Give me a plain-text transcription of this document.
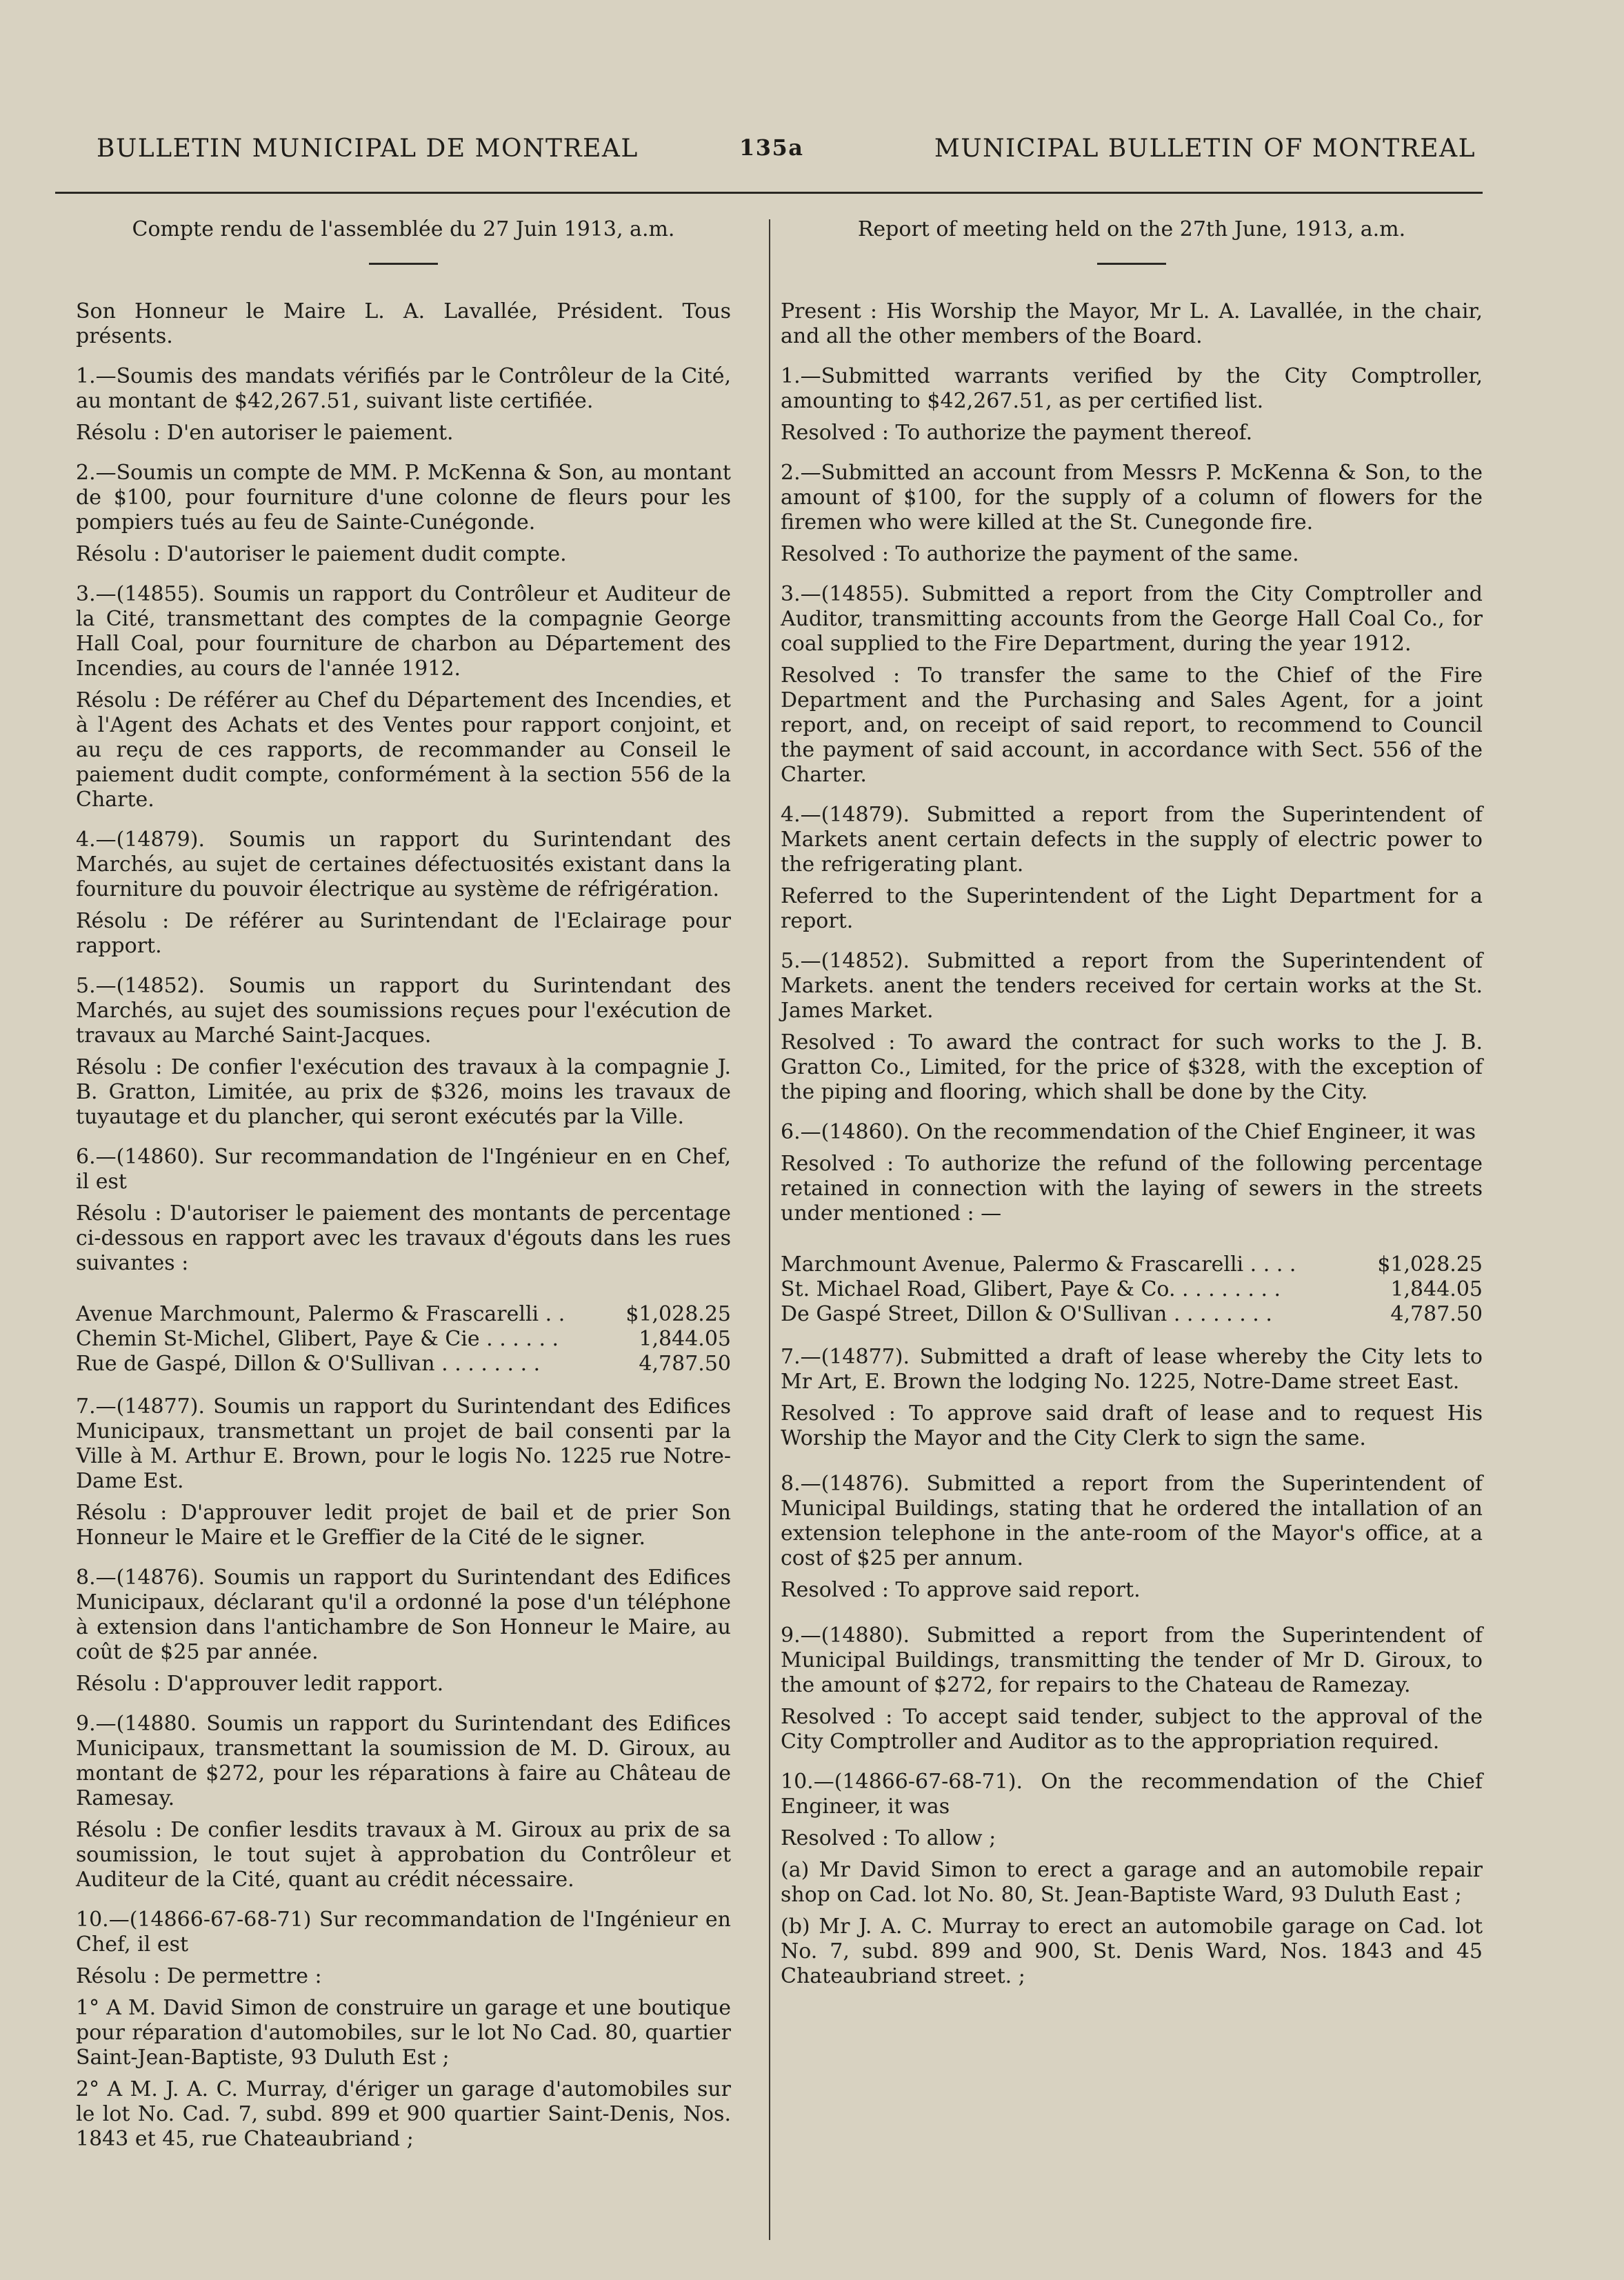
BULLETIN MUNICIPAL DE MONTREAL	135a	MUNICIPAL BULLETIN OF MONTREAL

Compte rendu de l'assemblée du 27 Juin 1913, a.m.

Son Honneur le Maire L. A. Lavallée, Président. Tous présents.

1.—Soumis des mandats vérifiés par le Contrôleur de la Cité, au montant de $42,267.51, suivant liste certifiée.

Résolu : D'en autoriser le paiement.

2.—Soumis un compte de MM. P. McKenna & Son, au montant de $100, pour fourniture d'une colonne de fleurs pour les pompiers tués au feu de Sainte-Cunégonde.

Résolu : D'autoriser le paiement dudit compte.

3.—(14855). Soumis un rapport du Contrôleur et Auditeur de la Cité, transmettant des comptes de la compagnie George Hall Coal, pour fourniture de charbon au Département des Incendies, au cours de l'année 1912.

Résolu : De référer au Chef du Département des Incendies, et à l'Agent des Achats et des Ventes pour rapport conjoint, et au reçu de ces rapports, de recommander au Conseil le paiement dudit compte, conformément à la section 556 de la Charte.

4.—(14879). Soumis un rapport du Surintendant des Marchés, au sujet de certaines défectuosités existant dans la fourniture du pouvoir électrique au système de réfrigération.

Résolu : De référer au Surintendant de l'Eclairage pour rapport.

5.—(14852). Soumis un rapport du Surintendant des Marchés, au sujet des soumissions reçues pour l'exécution de travaux au Marché Saint-Jacques.

Résolu : De confier l'exécution des travaux à la compagnie J. B. Gratton, Limitée, au prix de $326, moins les travaux de tuyautage et du plancher, qui seront exécutés par la Ville.

6.—(14860). Sur recommandation de l'Ingénieur en en Chef, il est

Résolu : D'autoriser le paiement des montants de percentage ci-dessous en rapport avec les travaux d'égouts dans les rues suivantes :

Avenue Marchmount, Palermo & Frascarelli . .	$1,028.25
Chemin St-Michel, Glibert, Paye & Cie . . . . . .	1,844.05
Rue de Gaspé, Dillon & O'Sullivan . . . . . . . .	4,787.50

7.—(14877). Soumis un rapport du Surintendant des Edifices Municipaux, transmettant un projet de bail consenti par la Ville à M. Arthur E. Brown, pour le logis No. 1225 rue Notre-Dame Est.

Résolu : D'approuver ledit projet de bail et de prier Son Honneur le Maire et le Greffier de la Cité de le signer.

8.—(14876). Soumis un rapport du Surintendant des Edifices Municipaux, déclarant qu'il a ordonné la pose d'un téléphone à extension dans l'antichambre de Son Honneur le Maire, au coût de $25 par année.

Résolu : D'approuver ledit rapport.

9.—(14880. Soumis un rapport du Surintendant des Edifices Municipaux, transmettant la soumission de M. D. Giroux, au montant de $272, pour les réparations à faire au Château de Ramesay.

Résolu : De confier lesdits travaux à M. Giroux au prix de sa soumission, le tout sujet à approbation du Contrôleur et Auditeur de la Cité, quant au crédit nécessaire.

10.—(14866-67-68-71) Sur recommandation de l'Ingénieur en Chef, il est

Résolu : De permettre :

1° A M. David Simon de construire un garage et une boutique pour réparation d'automobiles, sur le lot No Cad. 80, quartier Saint-Jean-Baptiste, 93 Duluth Est ;

2° A M. J. A. C. Murray, d'ériger un garage d'automobiles sur le lot No. Cad. 7, subd. 899 et 900 quartier Saint-Denis, Nos. 1843 et 45, rue Chateaubriand ;

Report of meeting held on the 27th June, 1913, a.m.

Present : His Worship the Mayor, Mr L. A. Lavallée, in the chair, and all the other members of the Board.

1.—Submitted warrants verified by the City Comptroller, amounting to $42,267.51, as per certified list.

Resolved : To authorize the payment thereof.

2.—Submitted an account from Messrs P. McKenna & Son, to the amount of $100, for the supply of a column of flowers for the firemen who were killed at the St. Cunegonde fire.

Resolved : To authorize the payment of the same.

3.—(14855). Submitted a report from the City Comptroller and Auditor, transmitting accounts from the George Hall Coal Co., for coal supplied to the Fire Department, during the year 1912.

Resolved : To transfer the same to the Chief of the Fire Department and the Purchasing and Sales Agent, for a joint report, and, on receipt of said report, to recommend to Council the payment of said account, in accordance with Sect. 556 of the Charter.

4.—(14879). Submitted a report from the Superintendent of Markets anent certain defects in the supply of electric power to the refrigerating plant.

Referred to the Superintendent of the Light Department for a report.

5.—(14852). Submitted a report from the Superintendent of Markets. anent the tenders received for certain works at the St. James Market.

Resolved : To award the contract for such works to the J. B. Gratton Co., Limited, for the price of $328, with the exception of the piping and flooring, which shall be done by the City.

6.—(14860). On the recommendation of the Chief Engineer, it was

Resolved : To authorize the refund of the following percentage retained in connection with the laying of sewers in the streets under mentioned : —

Marchmount Avenue, Palermo & Frascarelli . . . .	$1,028.25
St. Michael Road, Glibert, Paye & Co. . . . . . . . .	1,844.05
De Gaspé Street, Dillon & O'Sullivan . . . . . . . .	4,787.50

7.—(14877). Submitted a draft of lease whereby the City lets to Mr Art, E. Brown the lodging No. 1225, Notre-Dame street East.

Resolved : To approve said draft of lease and to request His Worship the Mayor and the City Clerk to sign the same.

8.—(14876). Submitted a report from the Superintendent of Municipal Buildings, stating that he ordered the intallation of an extension telephone in the ante-room of the Mayor's office, at a cost of $25 per annum.

Resolved : To approve said report.

9.—(14880). Submitted a report from the Superintendent of Municipal Buildings, transmitting the tender of Mr D. Giroux, to the amount of $272, for repairs to the Chateau de Ramezay.

Resolved : To accept said tender, subject to the approval of the City Comptroller and Auditor as to the appropriation required.

10.—(14866-67-68-71). On the recommendation of the Chief Engineer, it was

Resolved : To allow ;

(a) Mr David Simon to erect a garage and an automobile repair shop on Cad. lot No. 80, St. Jean-Baptiste Ward, 93 Duluth East ;

(b) Mr J. A. C. Murray to erect an automobile garage on Cad. lot No. 7, subd. 899 and 900, St. Denis Ward, Nos. 1843 and 45 Chateaubriand street. ;
